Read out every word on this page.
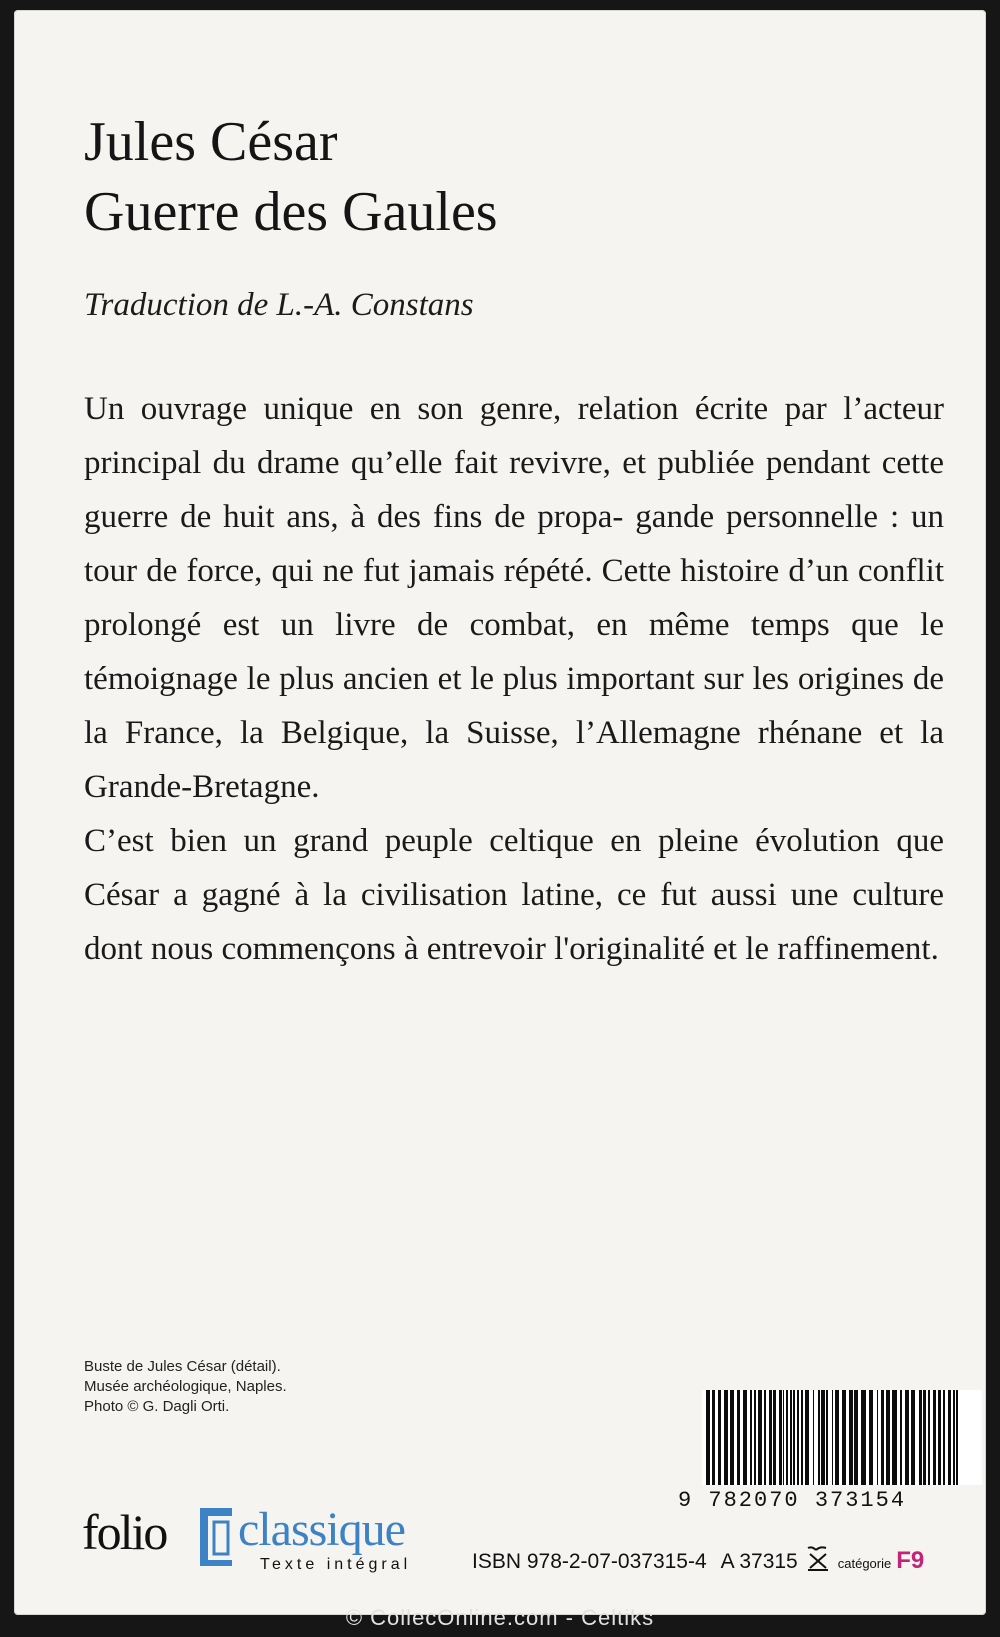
Jules César
Guerre des Gaules
Traduction de L.-A. Constans

Un ouvrage unique en son genre, relation écrite par l’acteur principal du drame qu’elle fait revivre, et publiée pendant cette guerre de huit ans, à des fins de propa- gande personnelle : un tour de force, qui ne fut jamais répété. Cette histoire d’un conflit prolongé est un livre de combat, en même temps que le témoignage le plus ancien et le plus important sur les origines de la France, la Belgique, la Suisse, l’Allemagne rhénane et la Grande-Bretagne.

C’est bien un grand peuple celtique en pleine évolution que César a gagné à la civilisation latine, ce fut aussi une culture dont nous commençons à entrevoir l'originalité et le raffinement.

Buste de Jules César (détail).
Musée archéologique, Naples.
Photo © G. Dagli Orti.
9 782070 373154
folio classique
Texte intégral	ISBN 978-2-07-037315-4 A 37315	catégorie F9
© CollecOnline.com - Celtiks
